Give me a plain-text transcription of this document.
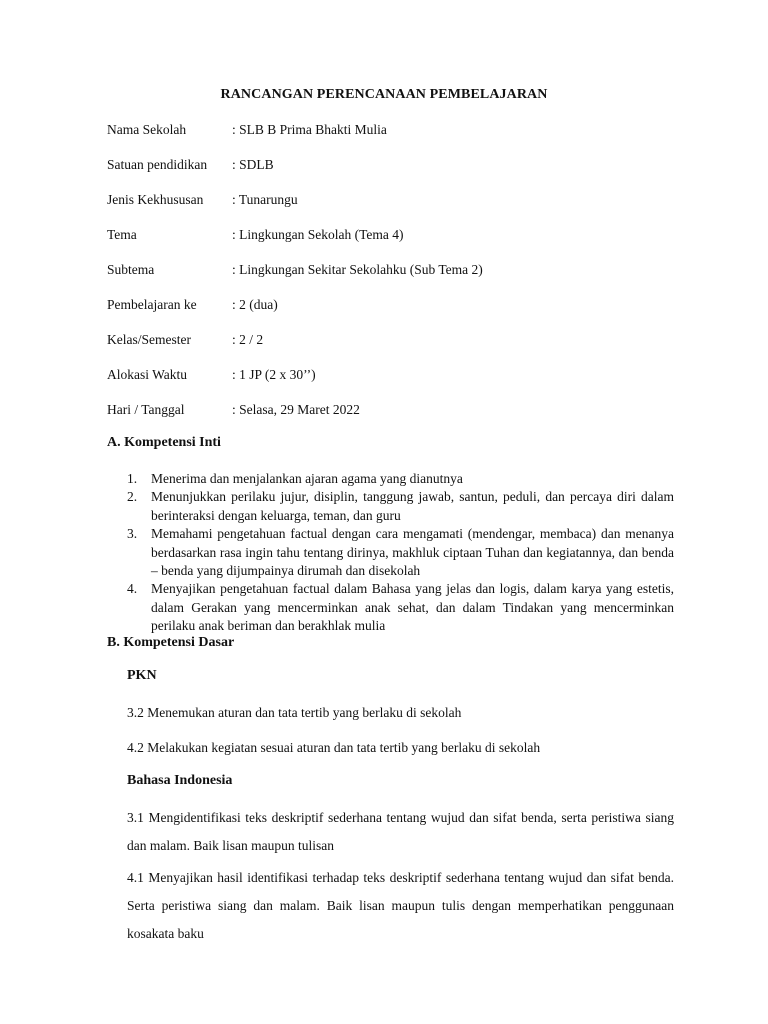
RANCANGAN PERENCANAAN PEMBELAJARAN
Nama Sekolah	: SLB B Prima Bhakti Mulia
Satuan pendidikan : SDLB
Jenis Kekhususan : Tunarungu
Tema	: Lingkungan Sekolah (Tema 4)
Subtema	: Lingkungan Sekitar Sekolahku (Sub Tema 2)
Pembelajaran ke	: 2 (dua)
Kelas/Semester	: 2 / 2
Alokasi Waktu	: 1 JP (2 x 30’’)
Hari / Tanggal	: Selasa, 29 Maret 2022
A. Kompetensi Inti
1. Menerima dan menjalankan ajaran agama yang dianutnya
2. Menunjukkan perilaku jujur, disiplin, tanggung jawab, santun, peduli, dan percaya diri dalam berinteraksi dengan keluarga, teman, dan guru
3. Memahami pengetahuan factual dengan cara mengamati (mendengar, membaca) dan menanya berdasarkan rasa ingin tahu tentang dirinya, makhluk ciptaan Tuhan dan kegiatannya, dan benda – benda yang dijumpainya dirumah dan disekolah
4. Menyajikan pengetahuan factual dalam Bahasa yang jelas dan logis, dalam karya yang estetis, dalam Gerakan yang mencerminkan anak sehat, dan dalam Tindakan yang mencerminkan perilaku anak beriman dan berakhlak mulia
B. Kompetensi Dasar
PKN
3.2 Menemukan aturan dan tata tertib yang berlaku di sekolah
4.2 Melakukan kegiatan sesuai aturan dan tata tertib yang berlaku di sekolah
Bahasa Indonesia
3.1 Mengidentifikasi teks deskriptif sederhana tentang wujud dan sifat benda, serta peristiwa siang dan malam. Baik lisan maupun tulisan
4.1 Menyajikan hasil identifikasi terhadap teks deskriptif sederhana tentang wujud dan sifat benda. Serta peristiwa siang dan malam. Baik lisan maupun tulis dengan memperhatikan penggunaan kosakata baku
